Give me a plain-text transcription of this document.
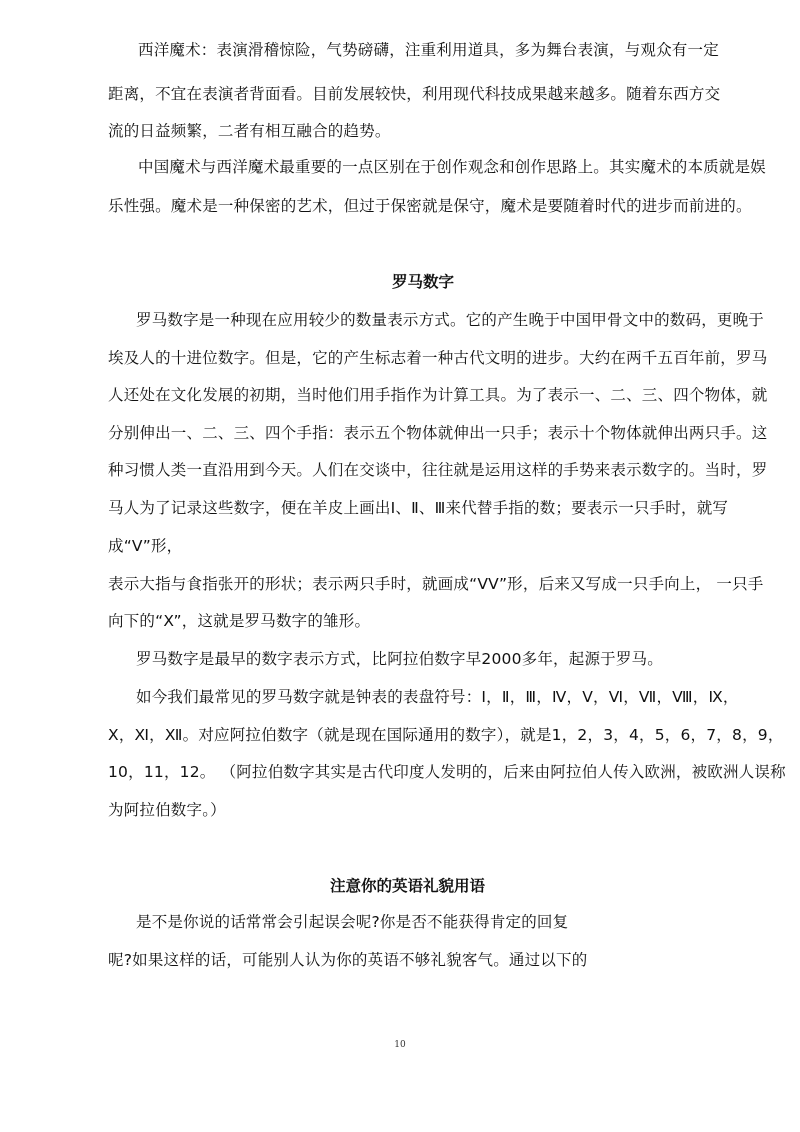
西洋魔术：表演滑稽惊险，气势磅礴，注重利用道具，多为舞台表演，与观众有一定
距离，不宜在表演者背面看。目前发展较快，利用现代科技成果越来越多。随着东西方交
流的日益频繁，二者有相互融合的趋势。
中国魔术与西洋魔术最重要的一点区别在于创作观念和创作思路上。其实魔术的本质就是娱
乐性强。魔术是一种保密的艺术，但过于保密就是保守，魔术是要随着时代的进步而前进的。
罗马数字
罗马数字是一种现在应用较少的数量表示方式。它的产生晚于中国甲骨文中的数码，更晚于
埃及人的十进位数字。但是，它的产生标志着一种古代文明的进步。大约在两千五百年前，罗马
人还处在文化发展的初期，当时他们用手指作为计算工具。为了表示一、二、三、四个物体，就
分别伸出一、二、三、四个手指：表示五个物体就伸出一只手；表示十个物体就伸出两只手。这
种习惯人类一直沿用到今天。人们在交谈中，往往就是运用这样的手势来表示数字的。当时，罗
马人为了记录这些数字，便在羊皮上画出Ⅰ、Ⅱ、Ⅲ来代替手指的数；要表示一只手时，就写
成“V”形，
表示大指与食指张开的形状；表示两只手时，就画成“VV”形，后来又写成一只手向上， 一只手
向下的“X”，这就是罗马数字的雏形。
罗马数字是最早的数字表示方式，比阿拉伯数字早2000多年，起源于罗马。
如今我们最常见的罗马数字就是钟表的表盘符号：Ⅰ，Ⅱ，Ⅲ，Ⅳ，Ⅴ，Ⅵ，Ⅶ，Ⅷ，Ⅸ，
Ⅹ，Ⅺ，Ⅻ。对应阿拉伯数字（就是现在国际通用的数字），就是1，2，3，4，5，6，7，8，9，
10，11，12。 （阿拉伯数字其实是古代印度人发明的，后来由阿拉伯人传入欧洲，被欧洲人误称
为阿拉伯数字。）
注意你的英语礼貌用语
是不是你说的话常常会引起误会呢?你是否不能获得肯定的回复
呢?如果这样的话，可能别人认为你的英语不够礼貌客气。通过以下的
10
